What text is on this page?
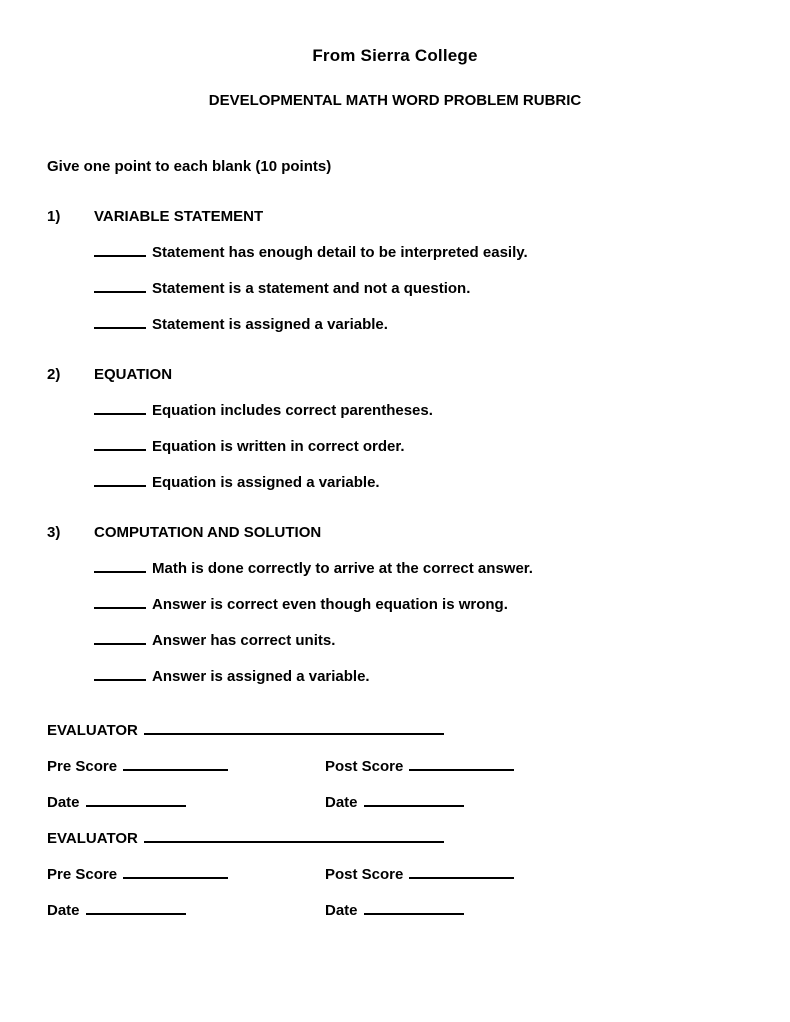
From Sierra College
DEVELOPMENTAL MATH WORD PROBLEM RUBRIC
Give one point to each blank (10 points)
1) VARIABLE STATEMENT
Statement has enough detail to be interpreted easily.
Statement is a statement and not a question.
Statement is assigned a variable.
2) EQUATION
Equation includes correct parentheses.
Equation is written in correct order.
Equation is assigned a variable.
3) COMPUTATION AND SOLUTION
Math is done correctly to arrive at the correct answer.
Answer is correct even though equation is wrong.
Answer has correct units.
Answer is assigned a variable.
EVALUATOR
Pre Score	Post Score
Date	Date
EVALUATOR
Pre Score	Post Score
Date	Date
